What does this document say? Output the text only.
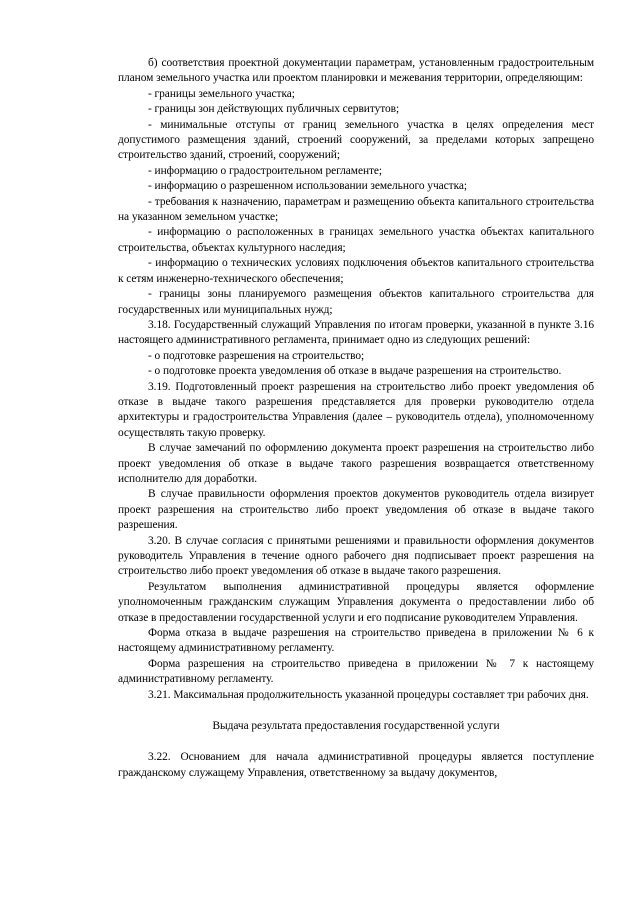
б) соответствия проектной документации параметрам, установленным градостроительным планом земельного участка или проектом планировки и межевания территории, определяющим:

- границы земельного участка;

- границы зон действующих публичных сервитутов;

- минимальные отступы от границ земельного участка в целях определения мест допустимого размещения зданий, строений сооружений, за пределами которых запрещено строительство зданий, строений, сооружений;

- информацию о градостроительном регламенте;

- информацию о разрешенном использовании земельного участка;

- требования к назначению, параметрам и размещению объекта капитального строительства на указанном земельном участке;

- информацию о расположенных в границах земельного участка объектах капитального строительства, объектах культурного наследия;

- информацию о технических условиях подключения объектов капитального строительства к сетям инженерно-технического обеспечения;

- границы зоны планируемого размещения объектов капитального строительства для государственных или муниципальных нужд;

3.18. Государственный служащий Управления по итогам проверки, указанной в пункте 3.16 настоящего административного регламента, принимает одно из следующих решений:

- о подготовке разрешения на строительство;

- о подготовке проекта уведомления об отказе в выдаче разрешения на строительство.

3.19. Подготовленный проект разрешения на строительство либо проект уведомления об отказе в выдаче такого разрешения представляется для проверки руководителю отдела архитектуры и градостроительства Управления (далее – руководитель отдела), уполномоченному осуществлять такую проверку.

В случае замечаний по оформлению документа проект разрешения на строительство либо проект уведомления об отказе в выдаче такого разрешения возвращается ответственному исполнителю для доработки.

В случае правильности оформления проектов документов руководитель отдела визирует проект разрешения на строительство либо проект уведомления об отказе в выдаче такого разрешения.

3.20. В случае согласия с принятыми решениями и правильности оформления документов руководитель Управления в течение одного рабочего дня подписывает проект разрешения на строительство либо проект уведомления об отказе в выдаче такого разрешения.

Результатом выполнения административной процедуры является оформление уполномоченным гражданским служащим Управления документа о предоставлении либо об отказе в предоставлении государственной услуги и его подписание руководителем Управления.

Форма отказа в выдаче разрешения на строительство приведена в приложении № 6 к настоящему административному регламенту.

Форма разрешения на строительство приведена в приложении № 7 к настоящему административному регламенту.

3.21. Максимальная продолжительность указанной процедуры составляет три рабочих дня.

Выдача результата предоставления государственной услуги

3.22. Основанием для начала административной процедуры является поступление гражданскому служащему Управления, ответственному за выдачу документов,
